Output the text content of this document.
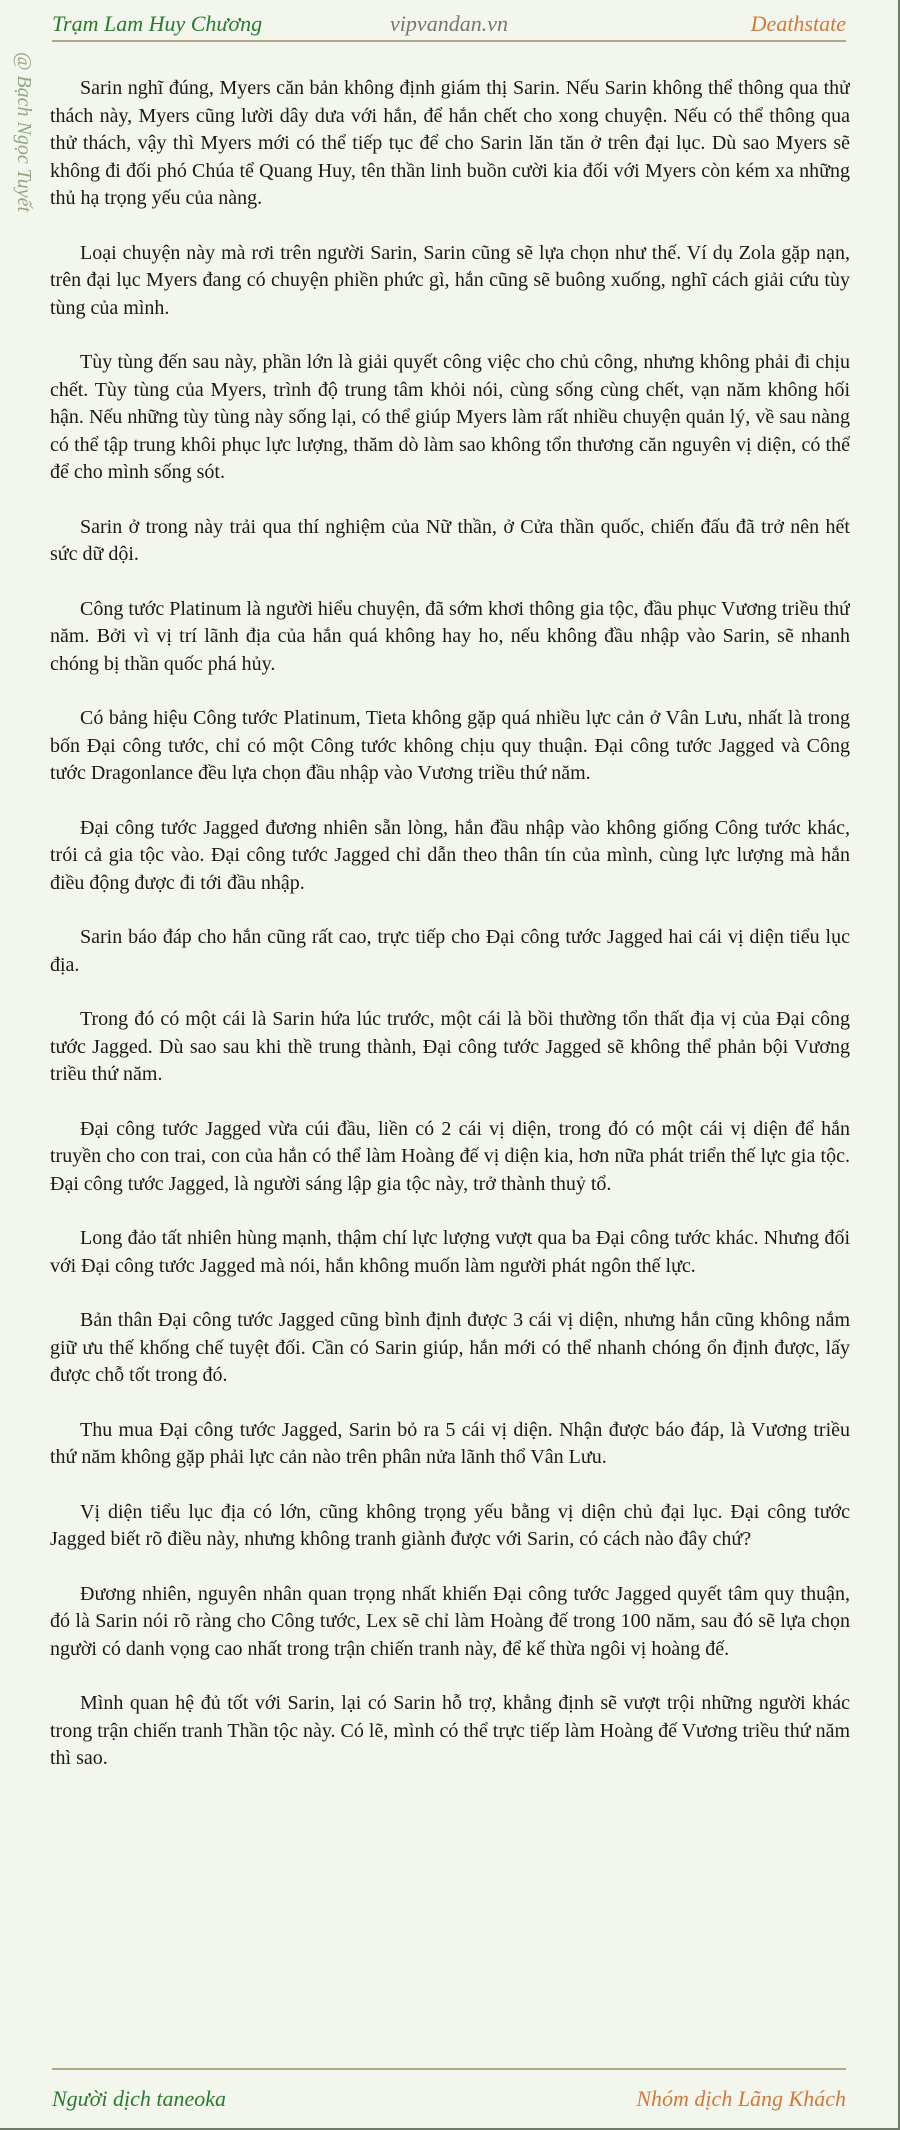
Trạm Lam Huy Chương	vipvandan.vn	Deathstate
@ Bạch Ngọc Tuyết	Sarin nghĩ đúng, Myers căn bản không định giám thị Sarin. Nếu Sarin không thể thông qua thử thách này, Myers cũng lười dây dưa với hắn, để hắn chết cho xong chuyện. Nếu có thể thông qua thử thách, vậy thì Myers mới có thể tiếp tục để cho Sarin lăn tăn ở trên đại lục. Dù sao Myers sẽ không đi đối phó Chúa tể Quang Huy, tên thần linh buồn cười kia đối với Myers còn kém xa những thủ hạ trọng yếu của nàng.

Loại chuyện này mà rơi trên người Sarin, Sarin cũng sẽ lựa chọn như thế. Ví dụ Zola gặp nạn, trên đại lục Myers đang có chuyện phiền phức gì, hắn cũng sẽ buông xuống, nghĩ cách giải cứu tùy tùng của mình.

Tùy tùng đến sau này, phần lớn là giải quyết công việc cho chủ công, nhưng không phải đi chịu chết. Tùy tùng của Myers, trình độ trung tâm khỏi nói, cùng sống cùng chết, vạn năm không hối hận. Nếu những tùy tùng này sống lại, có thể giúp Myers làm rất nhiều chuyện quản lý, về sau nàng có thể tập trung khôi phục lực lượng, thăm dò làm sao không tổn thương căn nguyên vị diện, có thể để cho mình sống sót.

Sarin ở trong này trải qua thí nghiệm của Nữ thần, ở Cửa thần quốc, chiến đấu đã trở nên hết sức dữ dội.

Công tước Platinum là người hiểu chuyện, đã sớm khơi thông gia tộc, đầu phục Vương triều thứ năm. Bởi vì vị trí lãnh địa của hắn quá không hay ho, nếu không đầu nhập vào Sarin, sẽ nhanh chóng bị thần quốc phá hủy.

Có bảng hiệu Công tước Platinum, Tieta không gặp quá nhiều lực cản ở Vân Lưu, nhất là trong bốn Đại công tước, chỉ có một Công tước không chịu quy thuận. Đại công tước Jagged và Công tước Dragonlance đều lựa chọn đầu nhập vào Vương triều thứ năm.

Đại công tước Jagged đương nhiên sẵn lòng, hắn đầu nhập vào không giống Công tước khác, trói cả gia tộc vào. Đại công tước Jagged chỉ dẫn theo thân tín của mình, cùng lực lượng mà hắn điều động được đi tới đầu nhập.

Sarin báo đáp cho hắn cũng rất cao, trực tiếp cho Đại công tước Jagged hai cái vị diện tiểu lục địa.

Trong đó có một cái là Sarin hứa lúc trước, một cái là bồi thường tổn thất địa vị của Đại công tước Jagged. Dù sao sau khi thề trung thành, Đại công tước Jagged sẽ không thể phản bội Vương triều thứ năm.

Đại công tước Jagged vừa cúi đầu, liền có 2 cái vị diện, trong đó có một cái vị diện để hắn truyền cho con trai, con của hắn có thể làm Hoàng đế vị diện kia, hơn nữa phát triển thế lực gia tộc. Đại công tước Jagged, là người sáng lập gia tộc này, trở thành thuỷ tổ.

Long đảo tất nhiên hùng mạnh, thậm chí lực lượng vượt qua ba Đại công tước khác. Nhưng đối với Đại công tước Jagged mà nói, hắn không muốn làm người phát ngôn thế lực.

Bản thân Đại công tước Jagged cũng bình định được 3 cái vị diện, nhưng hắn cũng không nắm giữ ưu thế khống chế tuyệt đối. Cần có Sarin giúp, hắn mới có thể nhanh chóng ổn định được, lấy được chỗ tốt trong đó.

Thu mua Đại công tước Jagged, Sarin bỏ ra 5 cái vị diện. Nhận được báo đáp, là Vương triều thứ năm không gặp phải lực cản nào trên phân nửa lãnh thổ Vân Lưu.

Vị diện tiểu lục địa có lớn, cũng không trọng yếu bằng vị diện chủ đại lục. Đại công tước Jagged biết rõ điều này, nhưng không tranh giành được với Sarin, có cách nào đây chứ?

Đương nhiên, nguyên nhân quan trọng nhất khiến Đại công tước Jagged quyết tâm quy thuận, đó là Sarin nói rõ ràng cho Công tước, Lex sẽ chỉ làm Hoàng đế trong 100 năm, sau đó sẽ lựa chọn người có danh vọng cao nhất trong trận chiến tranh này, để kế thừa ngôi vị hoàng đế.

Mình quan hệ đủ tốt với Sarin, lại có Sarin hỗ trợ, khẳng định sẽ vượt trội những người khác trong trận chiến tranh Thần tộc này. Có lẽ, mình có thể trực tiếp làm Hoàng đế Vương triều thứ năm thì sao.

Người dịch taneoka	Nhóm dịch Lãng Khách
